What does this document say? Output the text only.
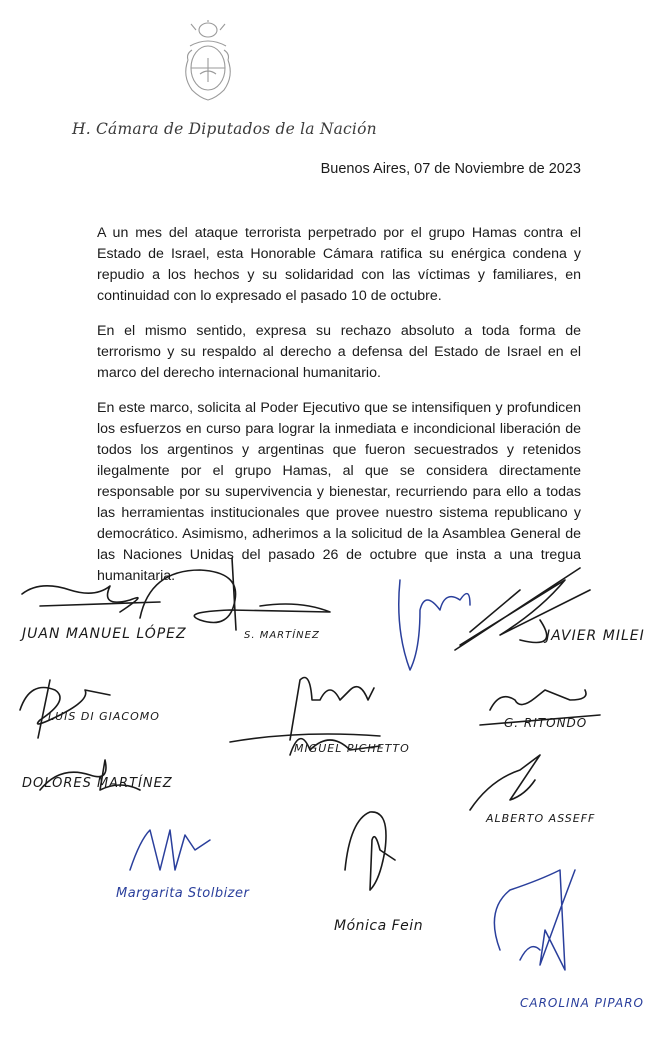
H. Cámara de Diputados de la Nación
Buenos Aires, 07 de Noviembre de 2023

A un mes del ataque terrorista perpetrado por el grupo Hamas contra el Estado de Israel, esta Honorable Cámara ratifica su enérgica condena y repudio a los hechos y su solidaridad con las víctimas y familiares, en continuidad con lo expresado el pasado 10 de octubre.

En el mismo sentido, expresa su rechazo absoluto a toda forma de terrorismo y su respaldo al derecho a defensa del Estado de Israel en el marco del derecho internacional humanitario.

En este marco, solicita al Poder Ejecutivo que se intensifiquen y profundicen los esfuerzos en curso para lograr la inmediata e incondicional liberación de todos los argentinos y argentinas que fueron secuestrados y retenidos ilegalmente por el grupo Hamas, al que se considera directamente responsable por su supervivencia y bienestar, recurriendo para ello a todas las herramientas institucionales que provee nuestro sistema republicano y democrático. Asimismo, adherimos a la solicitud de la Asamblea General de las Naciones Unidas del pasado 26 de octubre que insta a una tregua humanitaria.

JUAN MANUEL LÓPEZ	S. MARTÍNEZ	JAVIER MILEI
LUIS DI GIACOMO
MIGUEL PICHETTO
G. RITONDO
DOLORES MARTÍNEZ
ALBERTO ASSEFF
Margarita Stolbizer
Mónica Fein
CAROLINA PIPARO
